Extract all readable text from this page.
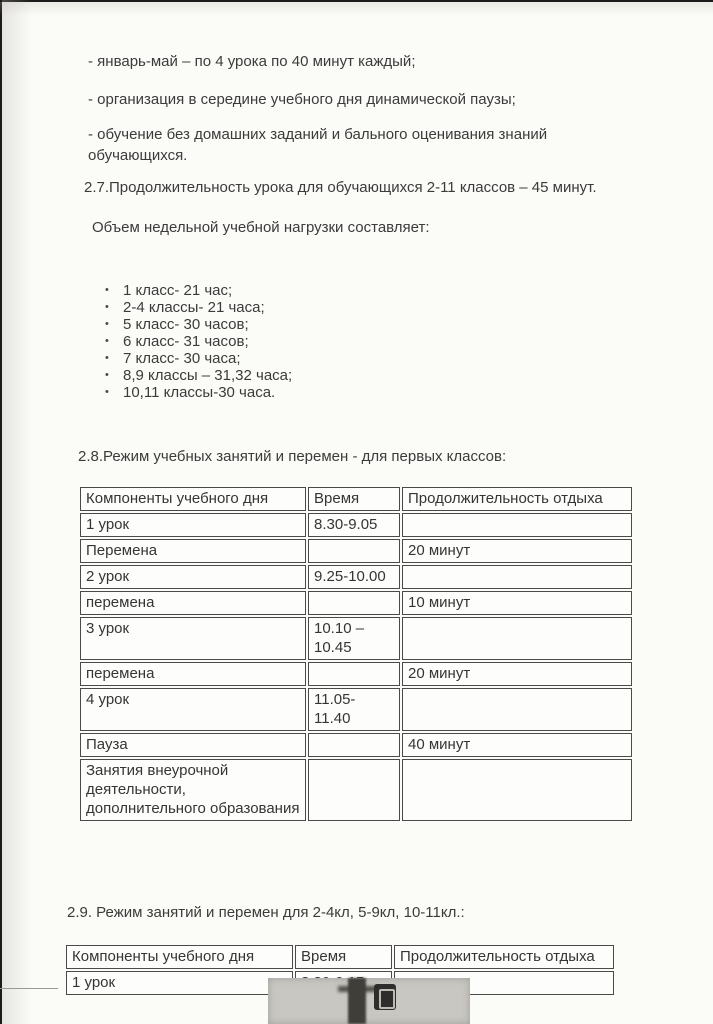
- январь-май – по 4 урока по 40 минут каждый;

- организация в середине учебного дня динамической паузы;

- обучение без домашних заданий и бального оценивания знаний обучающихся.

2.7.Продолжительность урока для обучающихся 2-11 классов – 45 минут.

Объем недельной учебной нагрузки составляет:

• 1 класс- 21 час;
• 2-4 классы- 21 часа;
• 5 класс- 30 часов;
• 6 класс- 31 часов;
• 7 класс- 30 часа;
• 8,9 классы – 31,32 часа;
• 10,11 классы-30 часа.

2.8.Режим учебных занятий и перемен - для первых классов:

Компоненты учебного дня	Время	Продолжительность отдыха
1 урок	8.30-9.05	
Перемена		20 минут
2 урок	9.25-10.00	
перемена		10 минут
3 урок	10.10 – 10.45	
перемена		20 минут
4 урок	11.05- 11.40	
Пауза		40 минут
Занятия внеурочной деятельности, дополнительного образования		

2.9. Режим занятий и перемен для 2-4кл, 5-9кл, 10-11кл.:

Компоненты учебного дня	Время	Продолжительность отдыха
1 урок		
